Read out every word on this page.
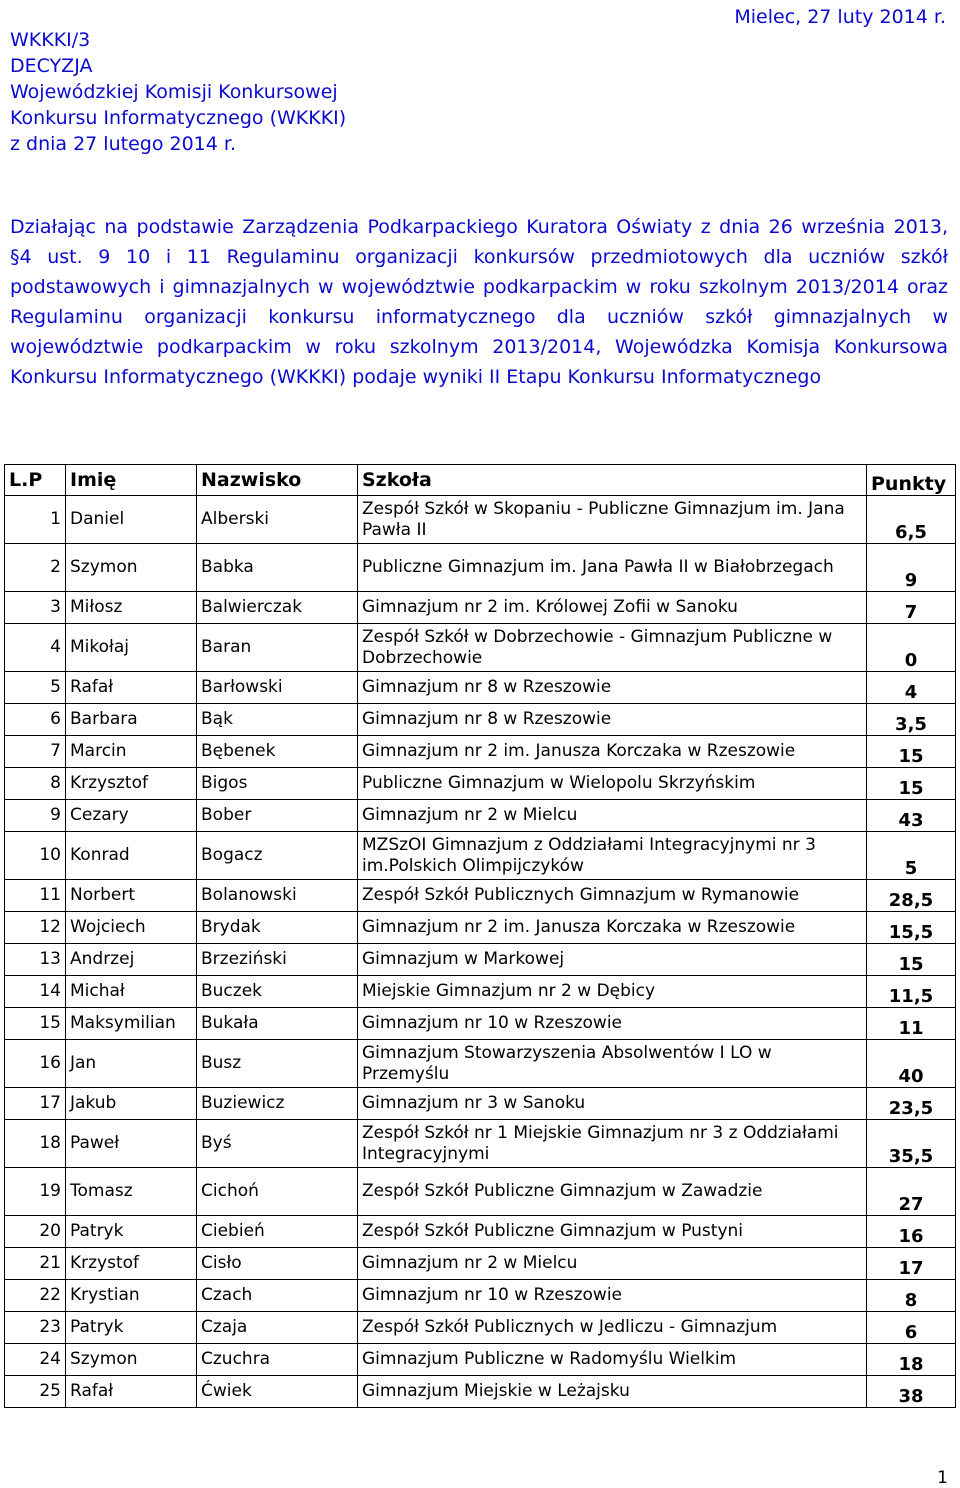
WKKKI/3
DECYZJA
Wojewódzkiej Komisji Konkursowej
Konkursu Informatycznego (WKKKI)
z dnia 27 lutego 2014 r.
Mielec, 27 luty 2014 r.
Działając na podstawie Zarządzenia Podkarpackiego Kuratora Oświaty z dnia 26 września 2013, §4 ust. 9 10 i 11 Regulaminu organizacji konkursów przedmiotowych dla uczniów szkół podstawowych i gimnazjalnych w województwie podkarpackim w roku szkolnym 2013/2014 oraz Regulaminu organizacji konkursu informatycznego dla uczniów szkół gimnazjalnych w województwie podkarpackim w roku szkolnym 2013/2014, Wojewódzka Komisja Konkursowa Konkursu Informatycznego (WKKKI) podaje wyniki II Etapu Konkursu Informatycznego
L.P	Imię	Nazwisko	Szkoła	Punkty
1	Daniel	Alberski	Zespół Szkół w Skopaniu - Publiczne Gimnazjum im. Jana Pawła II	6,5
2	Szymon	Babka	Publiczne Gimnazjum im. Jana Pawła II w Białobrzegach	9
3	Miłosz	Balwierczak	Gimnazjum nr 2 im. Królowej Zofii w Sanoku	7
4	Mikołaj	Baran	Zespół Szkół w Dobrzechowie - Gimnazjum Publiczne w Dobrzechowie	0
5	Rafał	Barłowski	Gimnazjum nr 8 w Rzeszowie	4
6	Barbara	Bąk	Gimnazjum nr 8 w Rzeszowie	3,5
7	Marcin	Bębenek	Gimnazjum nr 2 im. Janusza Korczaka w Rzeszowie	15
8	Krzysztof	Bigos	Publiczne Gimnazjum w Wielopolu Skrzyńskim	15
9	Cezary	Bober	Gimnazjum nr 2 w Mielcu	43
10	Konrad	Bogacz	MZSzOI Gimnazjum z Oddziałami Integracyjnymi nr 3 im.Polskich Olimpijczyków	5
11	Norbert	Bolanowski	Zespół Szkół Publicznych Gimnazjum w Rymanowie	28,5
12	Wojciech	Brydak	Gimnazjum nr 2 im. Janusza Korczaka w Rzeszowie	15,5
13	Andrzej	Brzeziński	Gimnazjum w Markowej	15
14	Michał	Buczek	Miejskie Gimnazjum nr 2 w Dębicy	11,5
15	Maksymilian	Bukała	Gimnazjum nr 10 w Rzeszowie	11
16	Jan	Busz	Gimnazjum Stowarzyszenia Absolwentów I LO w Przemyślu	40
17	Jakub	Buziewicz	Gimnazjum nr 3 w Sanoku	23,5
18	Paweł	Byś	Zespół Szkół nr 1 Miejskie Gimnazjum nr 3 z Oddziałami Integracyjnymi	35,5
19	Tomasz	Cichoń	Zespół Szkół Publiczne Gimnazjum w Zawadzie	27
20	Patryk	Ciebień	Zespół Szkół Publiczne Gimnazjum w Pustyni	16
21	Krzystof	Cisło	Gimnazjum nr 2 w Mielcu	17
22	Krystian	Czach	Gimnazjum nr 10 w Rzeszowie	8
23	Patryk	Czaja	Zespół Szkół Publicznych w Jedliczu - Gimnazjum	6
24	Szymon	Czuchra	Gimnazjum Publiczne w Radomyślu Wielkim	18
25	Rafał	Ćwiek	Gimnazjum Miejskie w Leżajsku	38
1
